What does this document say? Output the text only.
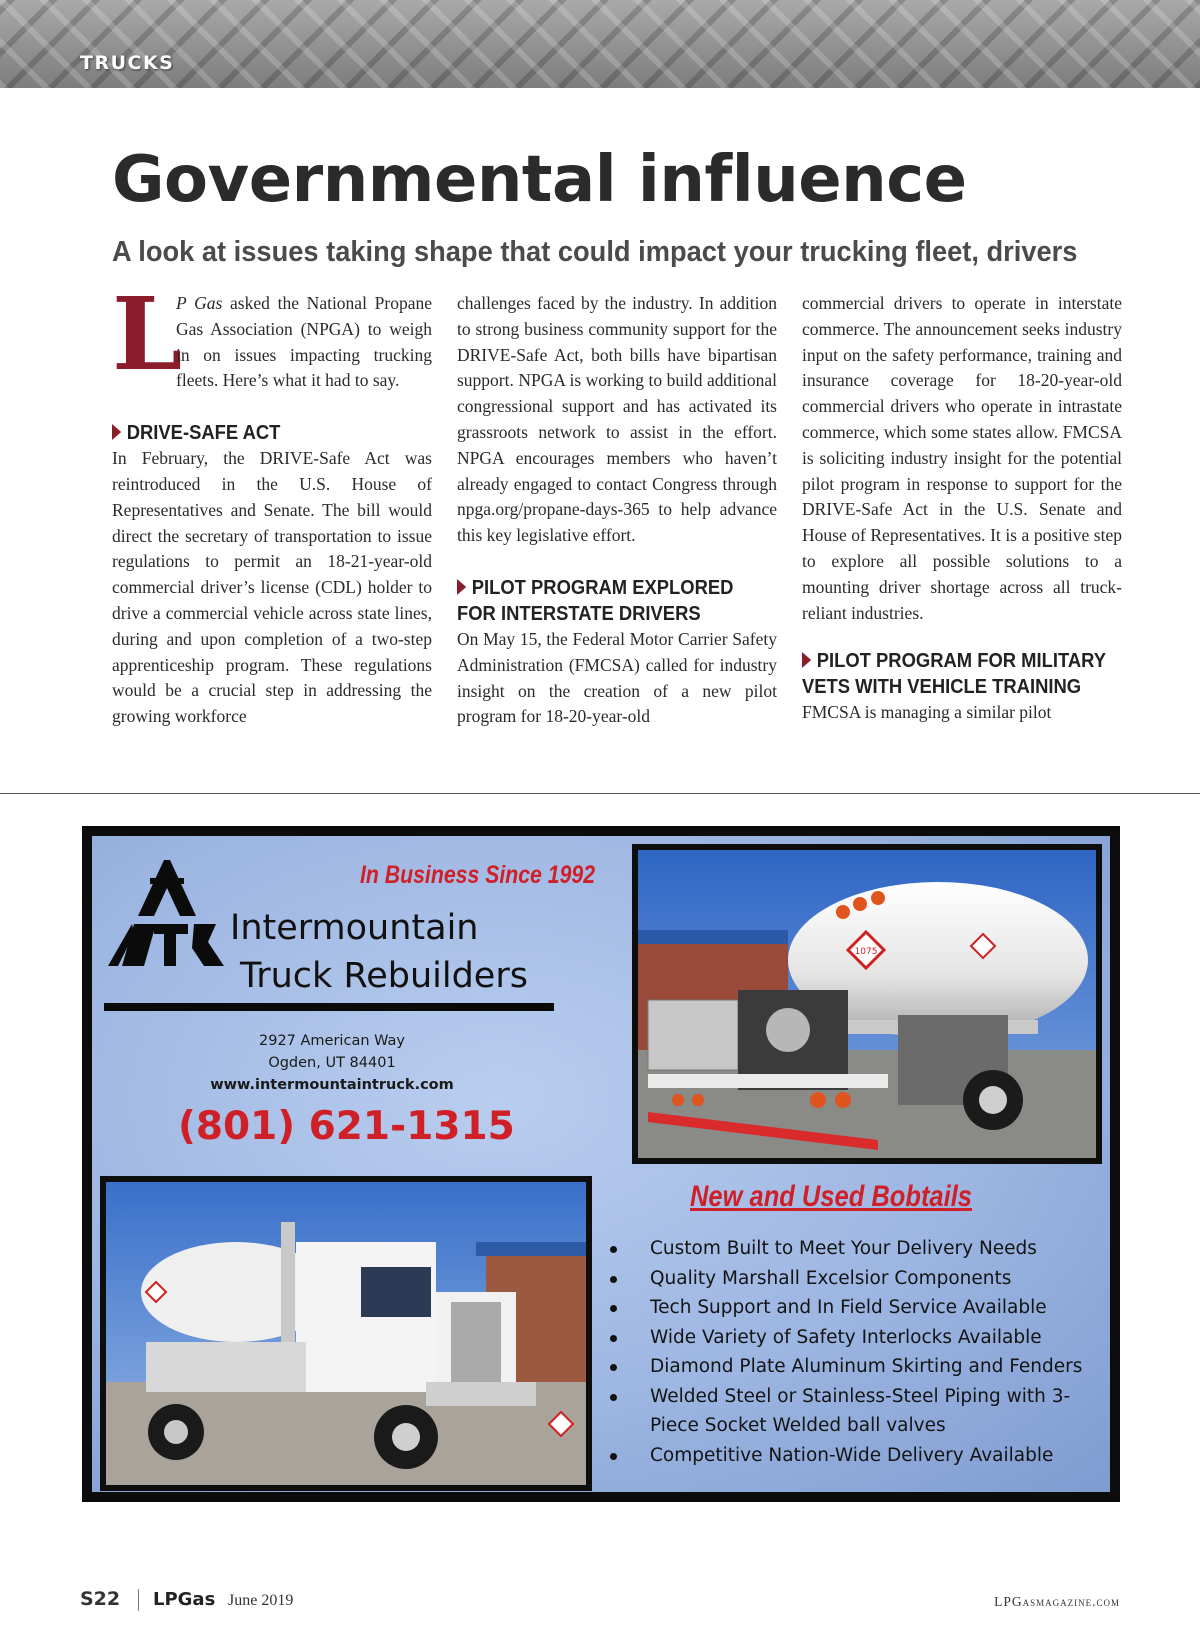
TRUCKS
Governmental influence
A look at issues taking shape that could impact your trucking fleet, drivers

L
P Gas asked the National Propane Gas Association (NPGA) to weigh in on issues impacting trucking fleets. Here’s what it had to say.

DRIVE-SAFE ACT

In February, the DRIVE-Safe Act was reintroduced in the U.S. House of Representatives and Senate. The bill would direct the secretary of transportation to issue regulations to permit an 18-21-year-old commercial driver’s license (CDL) holder to drive a commercial vehicle across state lines, during and upon completion of a two-step apprenticeship program. These regulations would be a crucial step in addressing the growing workforce

challenges faced by the industry. In addition to strong business community support for the DRIVE-Safe Act, both bills have bipartisan support. NPGA is working to build additional congressional support and has activated its grassroots network to assist in the effort. NPGA encourages members who haven’t already engaged to contact Congress through npga.org/propane-days-365 to help advance this key legislative effort.

PILOT PROGRAM EXPLORED
FOR INTERSTATE DRIVERS

On May 15, the Federal Motor Carrier Safety Administration (FMCSA) called for industry insight on the creation of a new pilot program for 18-20-year-old

commercial drivers to operate in interstate commerce. The announcement seeks industry input on the safety performance, training and insurance coverage for 18-20-year-old commercial drivers who operate in intrastate commerce, which some states allow. FMCSA is soliciting industry insight for the potential pilot program in response to support for the DRIVE-Safe Act in the U.S. Senate and House of Representatives. It is a positive step to explore all possible solutions to a mounting driver shortage across all truck-reliant industries.

PILOT PROGRAM FOR MILITARY
VETS WITH VEHICLE TRAINING

FMCSA is managing a similar pilot

Intermountain
Truck Rebuilders
In Business Since 1992
2927 American Way
Ogden, UT 84401
www.intermountaintruck.com
(801) 621-1315
1075
New and Used Bobtails
Custom Built to Meet Your Delivery Needs
Quality Marshall Excelsior Components
Tech Support and In Field Service Available
Wide Variety of Safety Interlocks Available
Diamond Plate Aluminum Skirting and Fenders
Welded Steel or Stainless-Steel Piping with 3-Piece Socket Welded ball valves
Competitive Nation-Wide Delivery Available
S22 LPGas June 2019	LPGasmagazine.com
